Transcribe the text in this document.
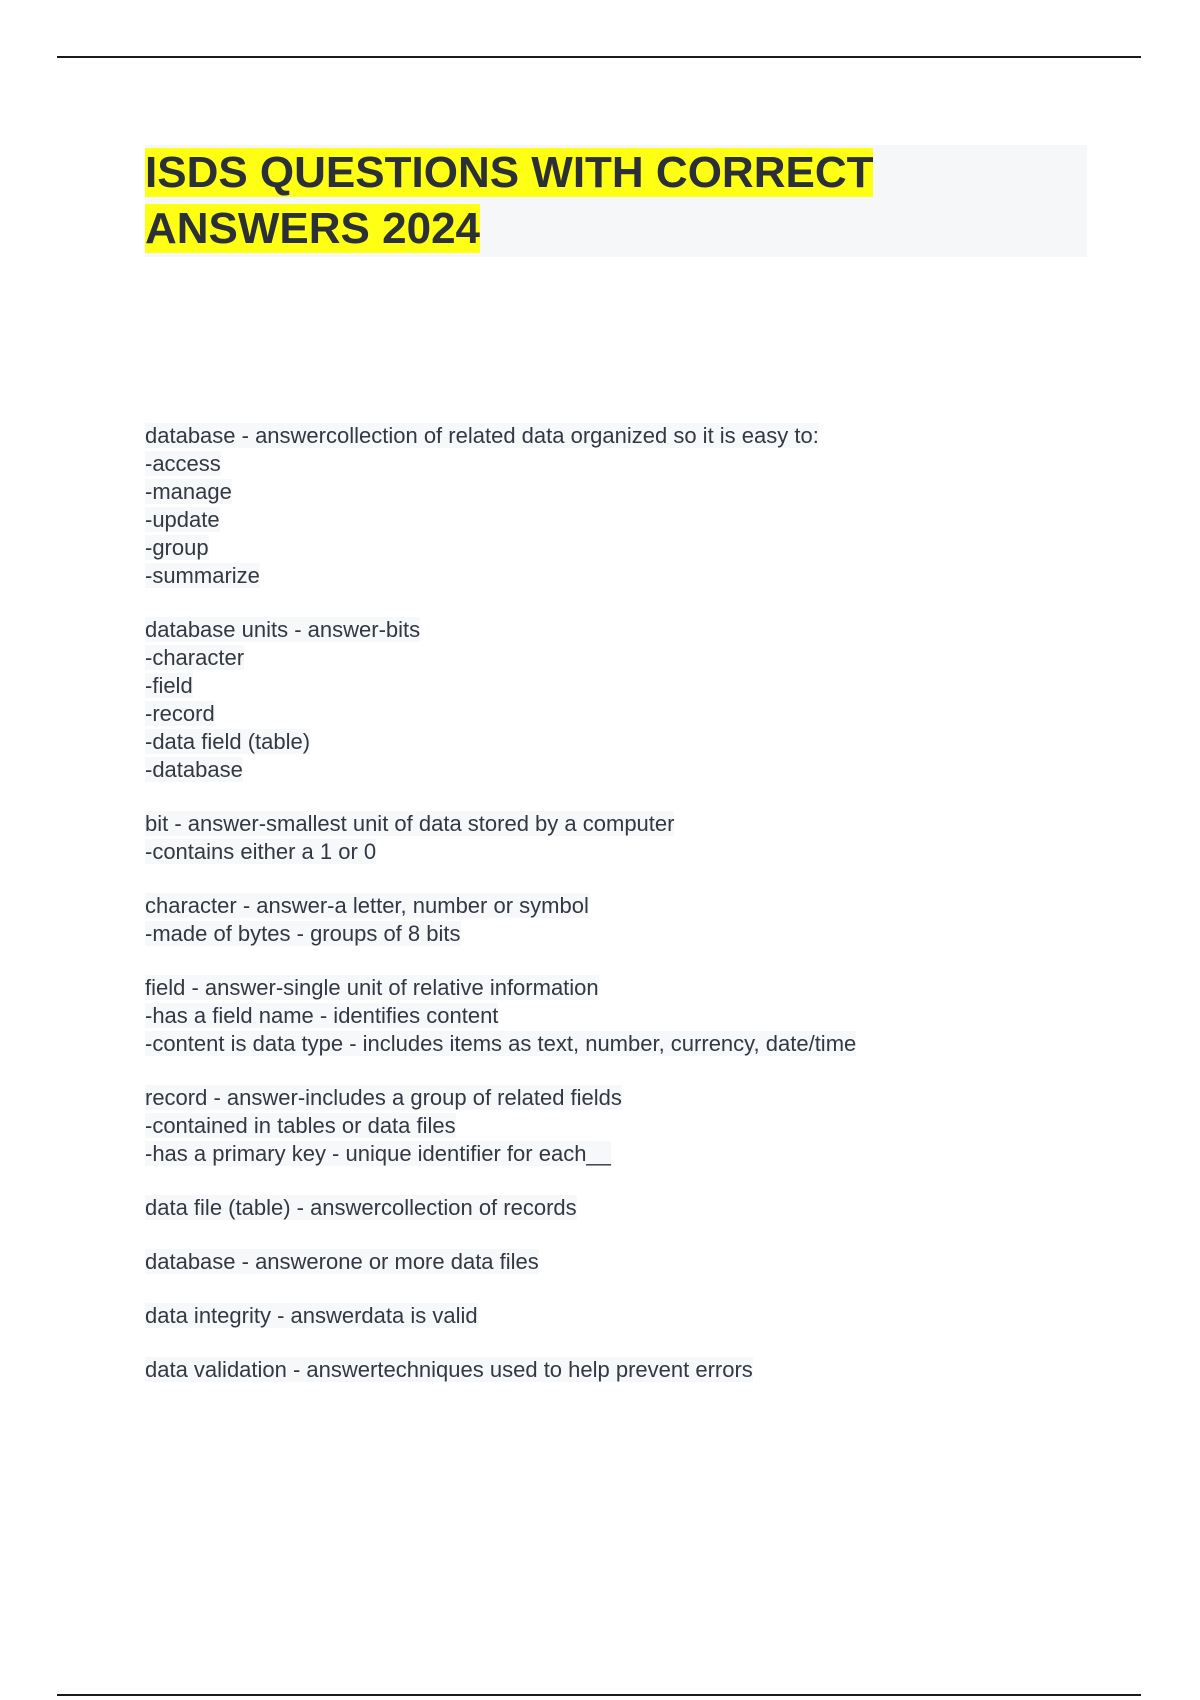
ISDS QUESTIONS WITH CORRECT
ANSWERS 2024
database - answercollection of related data organized so it is easy to:
-access
-manage
-update
-group
-summarize
database units - answer-bits
-character
-field
-record
-data field (table)
-database
bit - answer-smallest unit of data stored by a computer
-contains either a 1 or 0
character - answer-a letter, number or symbol
-made of bytes - groups of 8 bits
field - answer-single unit of relative information
-has a field name - identifies content
-content is data type - includes items as text, number, currency, date/time
record - answer-includes a group of related fields
-contained in tables or data files
-has a primary key - unique identifier for each__
data file (table) - answercollection of records
database - answerone or more data files
data integrity - answerdata is valid
data validation - answertechniques used to help prevent errors
